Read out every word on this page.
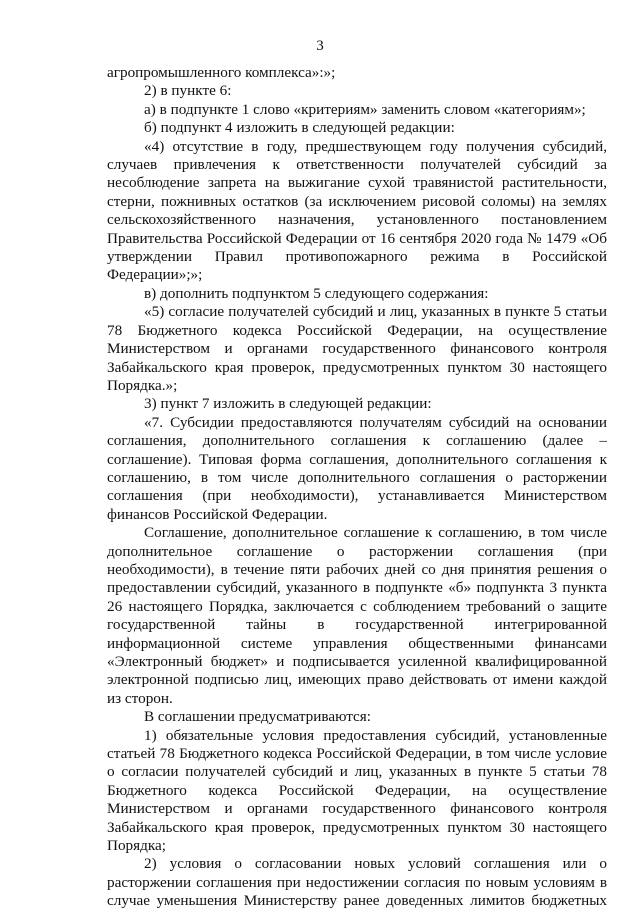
3

агропромышленного комплекса»:»;

2) в пункте 6:

а) в подпункте 1 слово «критериям» заменить словом «категориям»;

б) подпункт 4 изложить в следующей редакции:

«4) отсутствие в году, предшествующем году получения субсидий, случаев привлечения к ответственности получателей субсидий за несоблюдение запрета на выжигание сухой травянистой растительности, стерни, пожнивных остатков (за исключением рисовой соломы) на землях сельскохозяйственного назначения, установленного постановлением Правительства Российской Федерации от 16 сентября 2020 года № 1479 «Об утверждении Правил противопожарного режима в Российской Федерации»;»;

в) дополнить подпунктом 5 следующего содержания:

«5) согласие получателей субсидий и лиц, указанных в пункте 5 статьи 78 Бюджетного кодекса Российской Федерации, на осуществление Министерством и органами государственного финансового контроля Забайкальского края проверок, предусмотренных пунктом 30 настоящего Порядка.»;

3) пункт 7 изложить в следующей редакции:

«7. Субсидии предоставляются получателям субсидий на основании соглашения, дополнительного соглашения к соглашению (далее – соглашение). Типовая форма соглашения, дополнительного соглашения к соглашению, в том числе дополнительного соглашения о расторжении соглашения (при необходимости), устанавливается Министерством финансов Российской Федерации.

Соглашение, дополнительное соглашение к соглашению, в том числе дополнительное соглашение о расторжении соглашения (при необходимости), в течение пяти рабочих дней со дня принятия решения о предоставлении субсидий, указанного в подпункте «б» подпункта 3 пункта 26 настоящего Порядка, заключается с соблюдением требований о защите государственной тайны в государственной интегрированной информационной системе управления общественными финансами «Электронный бюджет» и подписывается усиленной квалифицированной электронной подписью лиц, имеющих право действовать от имени каждой из сторон.

В соглашении предусматриваются:

1) обязательные условия предоставления субсидий, установленные статьей 78 Бюджетного кодекса Российской Федерации, в том числе условие о согласии получателей субсидий и лиц, указанных в пункте 5 статьи 78 Бюджетного кодекса Российской Федерации, на осуществление Министерством и органами государственного финансового контроля Забайкальского края проверок, предусмотренных пунктом 30 настоящего Порядка;

2) условия о согласовании новых условий соглашения или о расторжении соглашения при недостижении согласия по новым условиям в случае уменьшения Министерству ранее доведенных лимитов бюджетных
